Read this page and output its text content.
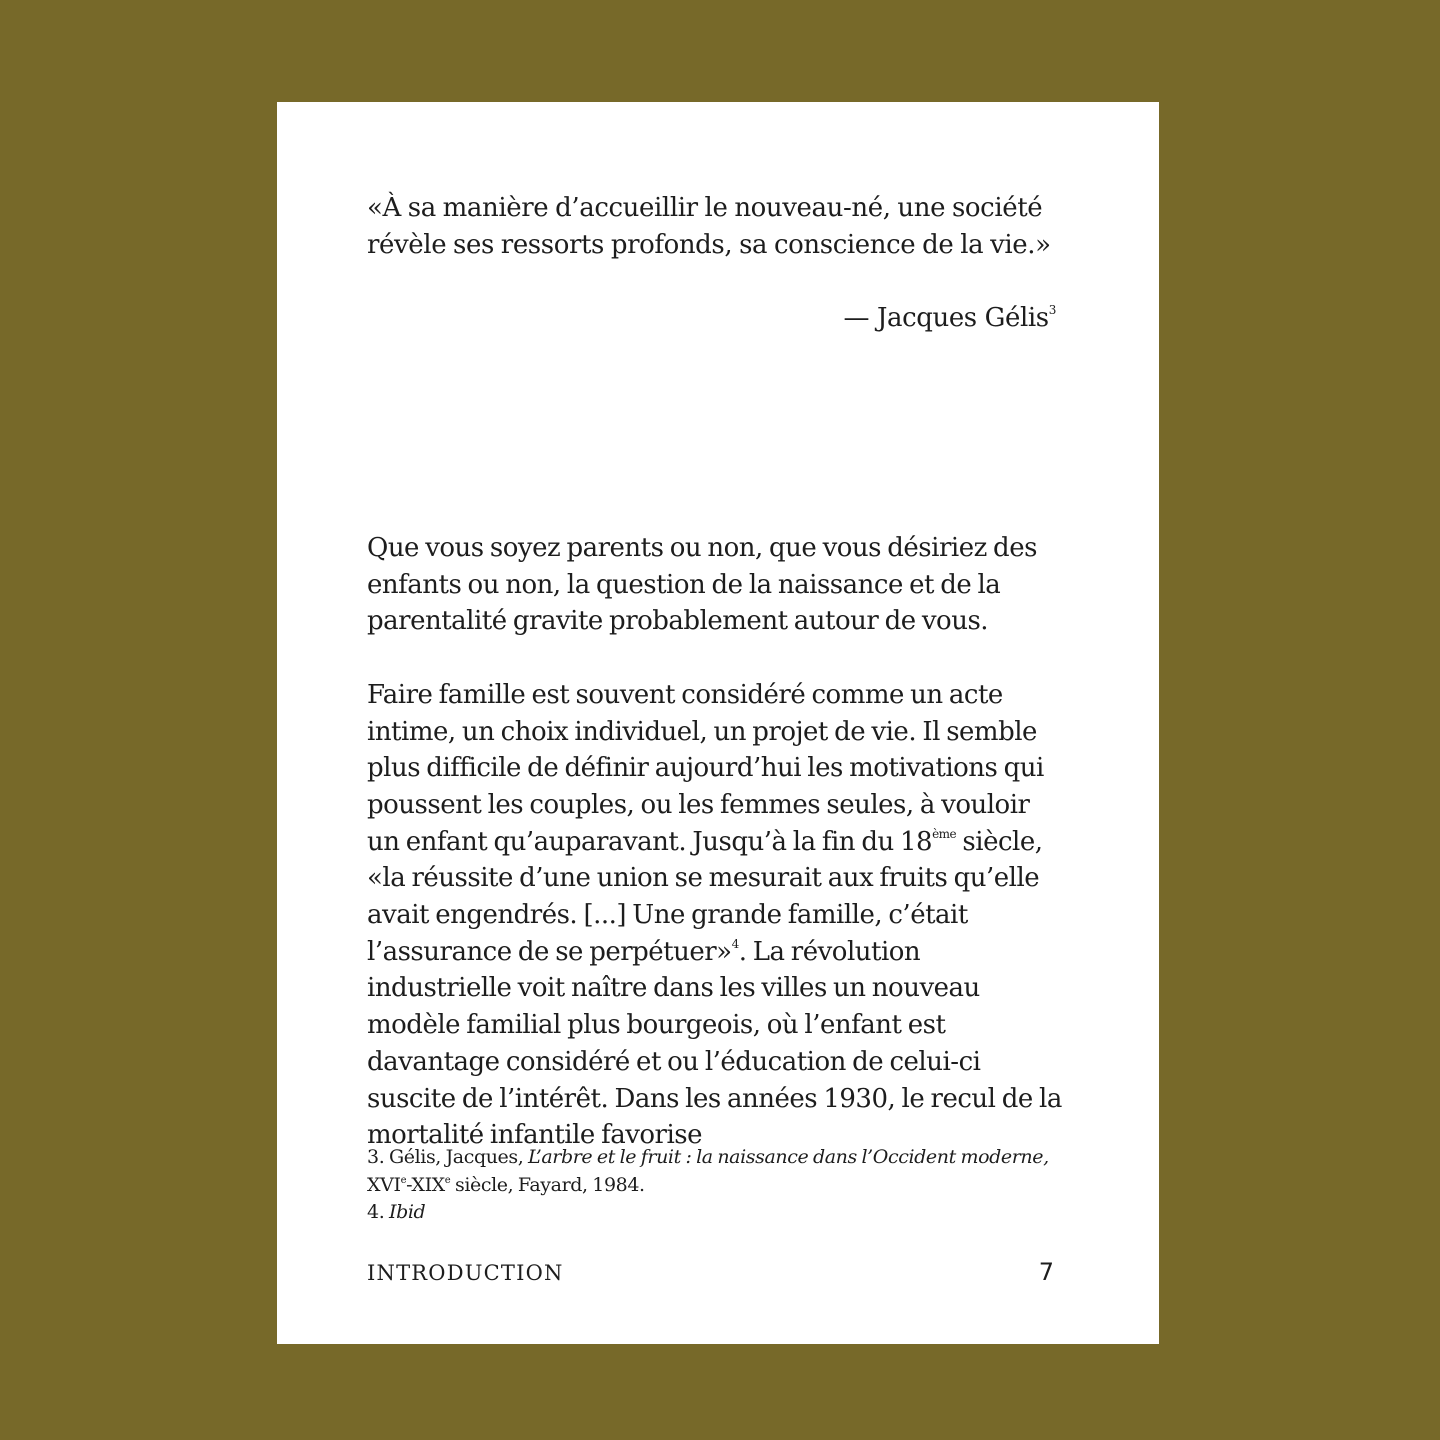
«À sa manière d’accueillir le nouveau-né, une société
révèle ses ressorts profonds, sa conscience de la vie.»

— Jacques Gélis$^3$

Que vous soyez parents ou non, que vous désiriez des enfants ou non, la question de la naissance et de la parentalité gravite probablement autour de vous.

Faire famille est souvent considéré comme un acte intime, un choix individuel, un projet de vie. Il semble plus difficile de définir aujourd’hui les motivations qui poussent les couples, ou les femmes seules, à vouloir un enfant qu’auparavant. Jusqu’à la fin du 18ème siècle, «la réussite d’une union se mesurait aux fruits qu’elle avait engendrés. [...] Une grande famille, c’était l’assurance de se perpétuer»$^4$. La révolution industrielle voit naître dans les villes un nouveau modèle familial plus bourgeois, où l’enfant est davantage considéré et ou l’éducation de celui-ci suscite de l’intérêt. Dans les années 1930, le recul de la mortalité infantile favorise

3. Gélis, Jacques, L’arbre et le fruit : la naissance dans l’Occident moderne,
XVIe-XIXe siècle, Fayard, 1984.

4. Ibid

INTRODUCTION	7
